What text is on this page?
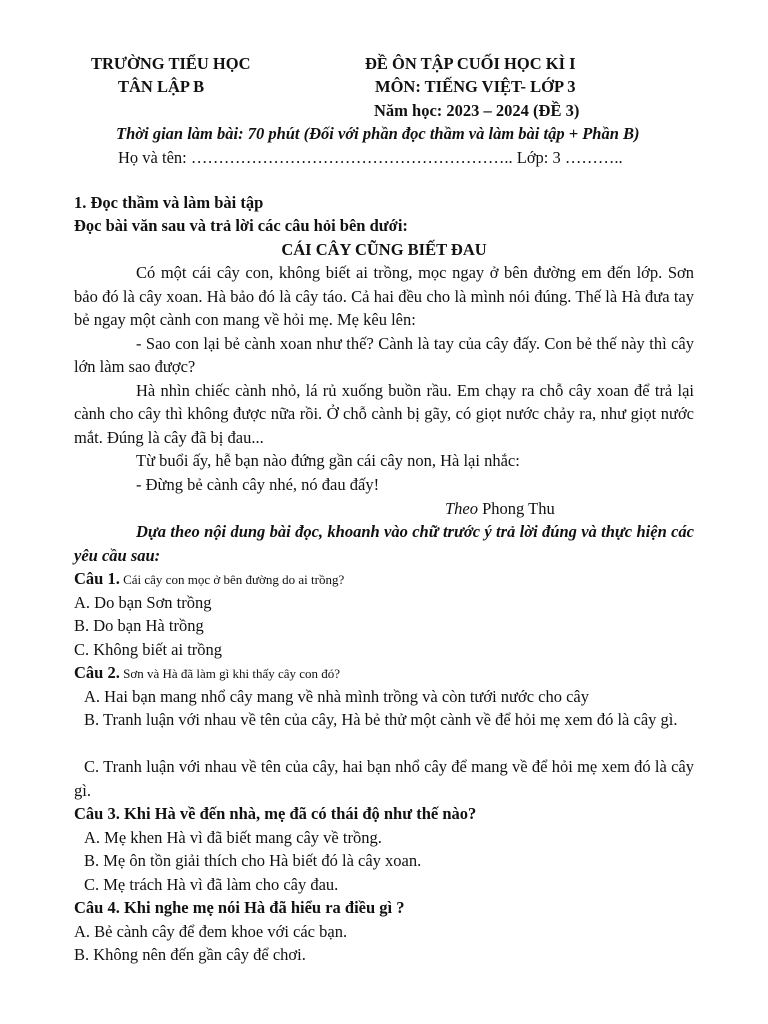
TRƯỜNG TIỂU HỌC
TÂN LẬP B
ĐỀ ÔN TẬP CUỐI HỌC KÌ I
MÔN: TIẾNG VIỆT- LỚP 3
Năm học: 2023 – 2024 (ĐỀ 3)
Thời gian làm bài: 70 phút (Đối với phần đọc thầm và làm bài tập + Phần B)
Họ và tên: ………………………………………………….. Lớp: 3 ………..
1. Đọc thầm và làm bài tập
Đọc bài văn sau và trả lời các câu hỏi bên dưới:
CÁI CÂY CŨNG BIẾT ĐAU

Có một cái cây con, không biết ai trồng, mọc ngay ở bên đường em đến lớp. Sơn bảo đó là cây xoan. Hà bảo đó là cây táo. Cả hai đều cho là mình nói đúng. Thế là Hà đưa tay bẻ ngay một cành con mang về hỏi mẹ. Mẹ kêu lên:

- Sao con lại bẻ cành xoan như thế? Cành là tay của cây đấy. Con bẻ thế này thì cây lớn làm sao được?

Hà nhìn chiếc cành nhỏ, lá rủ xuống buồn rầu. Em chạy ra chỗ cây xoan để trả lại cành cho cây thì không được nữa rồi. Ở chỗ cành bị gãy, có giọt nước chảy ra, như giọt nước mắt. Đúng là cây đã bị đau...

Từ buổi ấy, hễ bạn nào đứng gần cái cây non, Hà lại nhắc:

- Đừng bẻ cành cây nhé, nó đau đấy!

Theo Phong Thu
Dựa theo nội dung bài đọc, khoanh vào chữ trước ý trả lời đúng và thực hiện các yêu cầu sau:
Câu 1. Cái cây con mọc ở bên đường do ai trồng?
A. Do bạn Sơn trồng
B. Do bạn Hà trồng
C. Không biết ai trồng
Câu 2. Sơn và Hà đã làm gì khi thấy cây con đó?
A. Hai bạn mang nhổ cây mang về nhà mình trồng và còn tưới nước cho cây
B. Tranh luận với nhau về tên của cây, Hà bẻ thử một cành về để hỏi mẹ xem đó là cây gì.
C. Tranh luận với nhau về tên của cây, hai bạn nhổ cây để mang về để hỏi mẹ xem đó là cây gì.
Câu 3. Khi Hà về đến nhà, mẹ đã có thái độ như thế nào?
A. Mẹ khen Hà vì đã biết mang cây về trồng.
B. Mẹ ôn tồn giải thích cho Hà biết đó là cây xoan.
C. Mẹ trách Hà vì đã làm cho cây đau.
Câu 4. Khi nghe mẹ nói Hà đã hiểu ra điều gì ?
A. Bẻ cành cây để đem khoe với các bạn.
B. Không nên đến gần cây để chơi.
